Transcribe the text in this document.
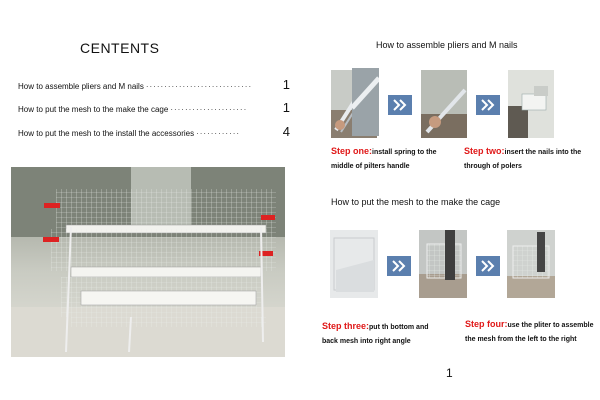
CENTENTS
How to assemble pliers and M nails ·····························	1
How to put the mesh to the make the cage ·····················	1
How to put the mesh to the install the accessories ············	4
How to assemble pliers and M nails
Step one:install spring to the middle of pilters handle
Step two:insert the nails into the through of polers
How to put the mesh to the make the cage
Step three:put th bottom and back mesh into right angle
Step four:use the pliter to assemble the mesh from the left to the right
1
